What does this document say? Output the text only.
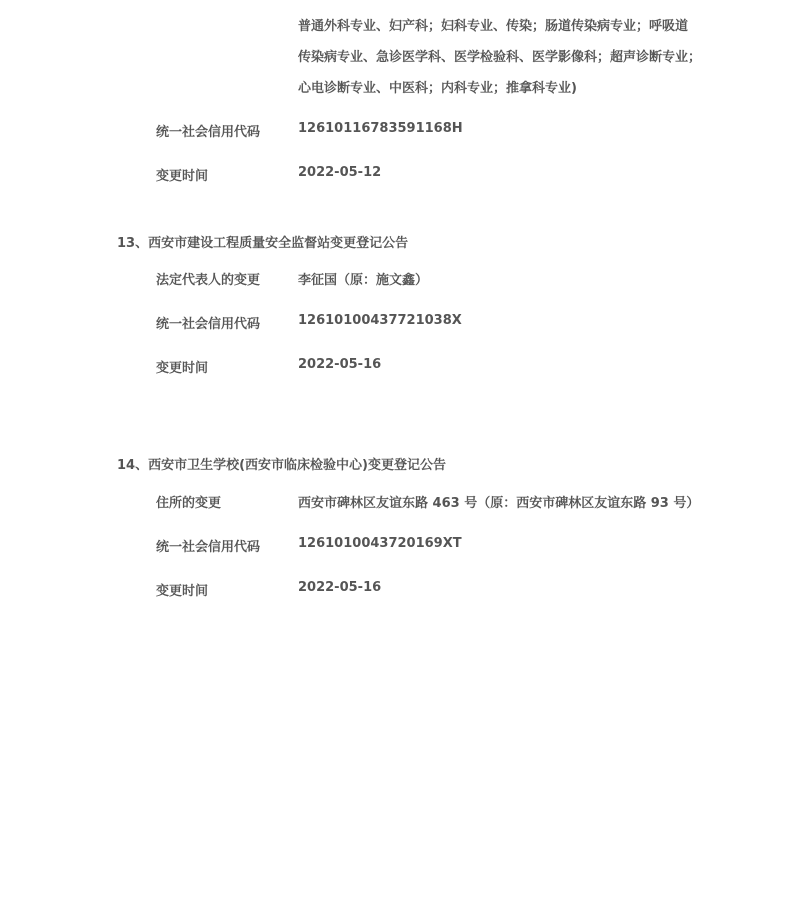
普通外科专业、妇产科；妇科专业、传染；肠道传染病专业；呼吸道
传染病专业、急诊医学科、医学检验科、医学影像科；超声诊断专业；
心电诊断专业、中医科；内科专业；推拿科专业)
统一社会信用代码	12610116783591168H
变更时间	2022-05-12
13、西安市建设工程质量安全监督站变更登记公告
法定代表人的变更	李征国（原：施文鑫）
统一社会信用代码	12610100437721038X
变更时间	2022-05-16
14、西安市卫生学校(西安市临床检验中心)变更登记公告
住所的变更	西安市碑林区友谊东路 463 号（原：西安市碑林区友谊东路 93 号）
统一社会信用代码	1261010043720169XT
变更时间	2022-05-16
